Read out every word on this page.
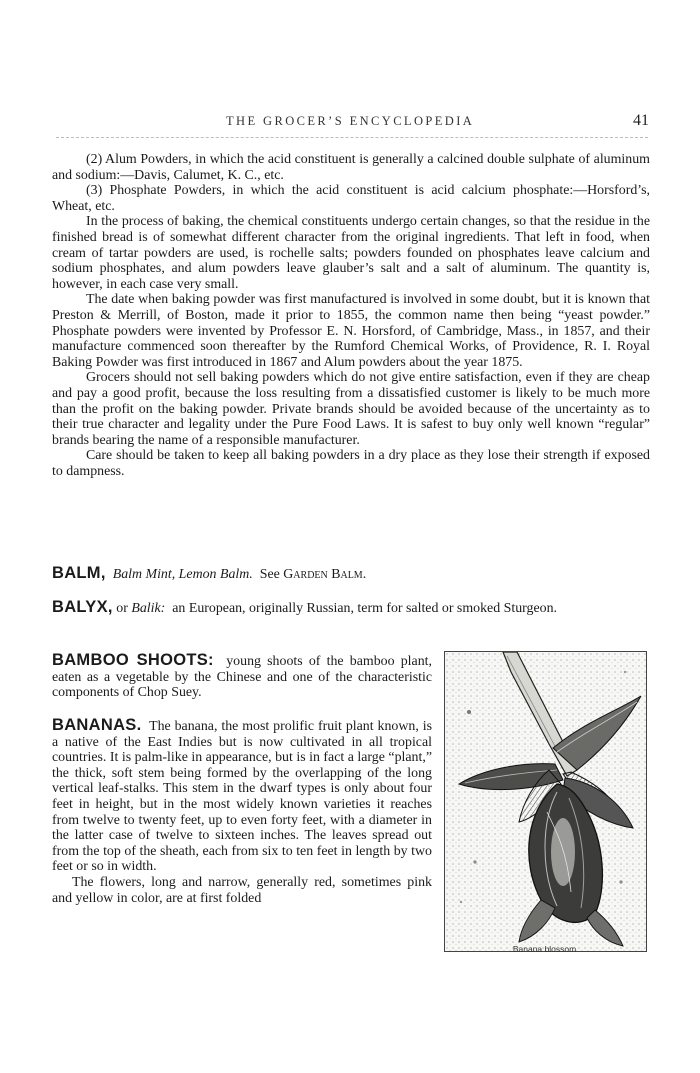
THE GROCER’S ENCYCLOPEDIA	41

(2) Alum Powders, in which the acid constituent is generally a calcined double sulphate of aluminum and sodium:—Davis, Calumet, K. C., etc.

(3) Phosphate Powders, in which the acid constituent is acid calcium phosphate:—Horsford’s, Wheat, etc.

In the process of baking, the chemical constituents undergo certain changes, so that the residue in the finished bread is of somewhat different character from the original ingredients. That left in food, when cream of tartar powders are used, is rochelle salts; powders founded on phosphates leave calcium and sodium phosphates, and alum powders leave glauber’s salt and a salt of aluminum. The quantity is, however, in each case very small.

The date when baking powder was first manufactured is involved in some doubt, but it is known that Preston & Merrill, of Boston, made it prior to 1855, the common name then being “yeast powder.” Phosphate powders were invented by Professor E. N. Horsford, of Cambridge, Mass., in 1857, and their manufacture commenced soon thereafter by the Rumford Chemical Works, of Providence, R. I. Royal Baking Powder was first introduced in 1867 and Alum powders about the year 1875.

Grocers should not sell baking powders which do not give entire satisfaction, even if they are cheap and pay a good profit, because the loss resulting from a dissatisfied customer is likely to be much more than the profit on the baking powder. Private brands should be avoided because of the uncertainty as to their true character and legality under the Pure Food Laws. It is safest to buy only well known “regular” brands bearing the name of a responsible manufacturer.

Care should be taken to keep all baking powders in a dry place as they lose their strength if exposed to dampness.

BALM, Balm Mint, Lemon Balm. See Garden Balm.
BALYX, or Balik: an European, originally Russian, term for salted or smoked Sturgeon.
BAMBOO SHOOTS: young shoots of the bamboo plant, eaten as a vegetable by the Chinese and one of the characteristic components of Chop Suey.

BANANAS. The banana, the most prolific fruit plant known, is a native of the East Indies but is now cultivated in all tropical countries. It is palm-like in appearance, but is in fact a large “plant,” the thick, soft stem being formed by the overlapping of the long vertical leaf-stalks. This stem in the dwarf types is only about four feet in height, but in the most widely known varieties it reaches from twelve to twenty feet, up to even forty feet, with a diameter in the latter case of twelve to sixteen inches. The leaves spread out from the top of the sheath, each from six to ten feet in length by two feet or so in width.

The flowers, long and narrow, generally red, sometimes pink and yellow in color, are at first folded

Banana blossom
